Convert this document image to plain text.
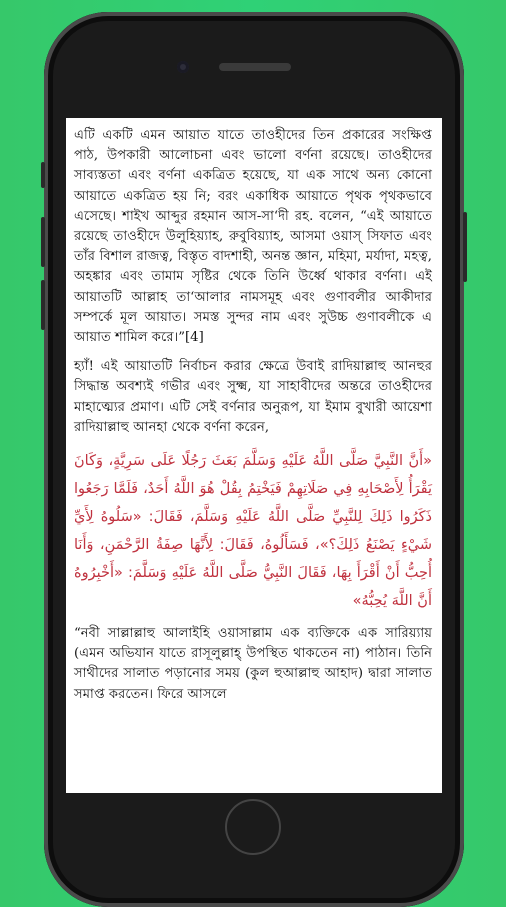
এটি একটি এমন আয়াত যাতে তাওহীদের তিন প্রকারের সংক্ষিপ্ত পাঠ, উপকারী আলোচনা এবং ভালো বর্ণনা রয়েছে। তাওহীদের সাব্যস্ততা এবং বর্ণনা একত্রিত হয়েছে, যা এক সাথে অন্য কোনো আয়াতে একত্রিত হয় নি; বরং একাধিক আয়াতে পৃথক পৃথকভাবে এসেছে। শাইখ আব্দুর রহমান আস-সা‘দী রহ. বলেন, “এই আয়াতে রয়েছে তাওহীদে উলুহিয়্যাহ, রুবুবিয়্যাহ, আসমা ওয়াস্ সিফাত এবং তাঁর বিশাল রাজত্ব, বিস্তৃত বাদশাহী, অনন্ত জ্ঞান, মহিমা, মর্যাদা, মহত্ব, অহঙ্কার এবং তামাম সৃষ্টির থেকে তিনি উর্ধ্বে থাকার বর্ণনা। এই আয়াতটি আল্লাহ তা‘আলার নামসমূহ এবং গুণাবলীর আকীদার সম্পর্কে মূল আয়াত। সমস্ত সুন্দর নাম এবং সুউচ্চ গুণাবলীকে এ আয়াত শামিল করে।”[4]

হ্যাঁ! এই আয়াতটি নির্বাচন করার ক্ষেত্রে উবাই রাদিয়াল্লাহু আনহুর সিদ্ধান্ত অবশ্যই গভীর এবং সুক্ষ্ম, যা সাহাবীদের অন্তরে তাওহীদের মাহাত্ম্যের প্রমাণ। এটি সেই বর্ণনার অনুরূপ, যা ইমাম বুখারী আয়েশা রাদিয়াল্লাহু আনহা থেকে বর্ণনা করেন,

«أَنَّ النَّبِيَّ صَلَّى اللَّهُ عَلَيْهِ وَسَلَّمَ بَعَثَ رَجُلًا عَلَى سَرِيَّةٍ، وَكَانَ يَقْرَأُ لِأَصْحَابِهِ فِي صَلَاتِهِمْ فَيَخْتِمُ بِقُلْ هُوَ اللَّهُ أَحَدٌ، فَلَمَّا رَجَعُوا ذَكَرُوا ذَلِكَ لِلنَّبِيِّ صَلَّى اللَّهُ عَلَيْهِ وَسَلَّمَ، فَقَالَ: «سَلُوهُ لِأَيِّ شَيْءٍ يَصْنَعُ ذَلِكَ؟»، فَسَأَلُوهُ، فَقَالَ: لِأَنَّهَا صِفَةُ الرَّحْمَنِ، وَأَنَا أُحِبُّ أَنْ أَقْرَأَ بِهَا، فَقَالَ النَّبِيُّ صَلَّى اللَّهُ عَلَيْهِ وَسَلَّمَ: «أَخْبِرُوهُ أَنَّ اللَّهَ يُحِبُّهُ»

“নবী সাল্লাল্লাহু আলাইহি ওয়াসাল্লাম এক ব্যক্তিকে এক সারিয়্যায় (এমন অভিযান যাতে রাসূলুল্লাহ্ উপস্থিত থাকতেন না) পাঠান। তিনি সাথীদের সালাত পড়ানোর সময় (কুল হুআল্লাহু আহাদ) দ্বারা সালাত সমাপ্ত করতেন। ফিরে আসলে
